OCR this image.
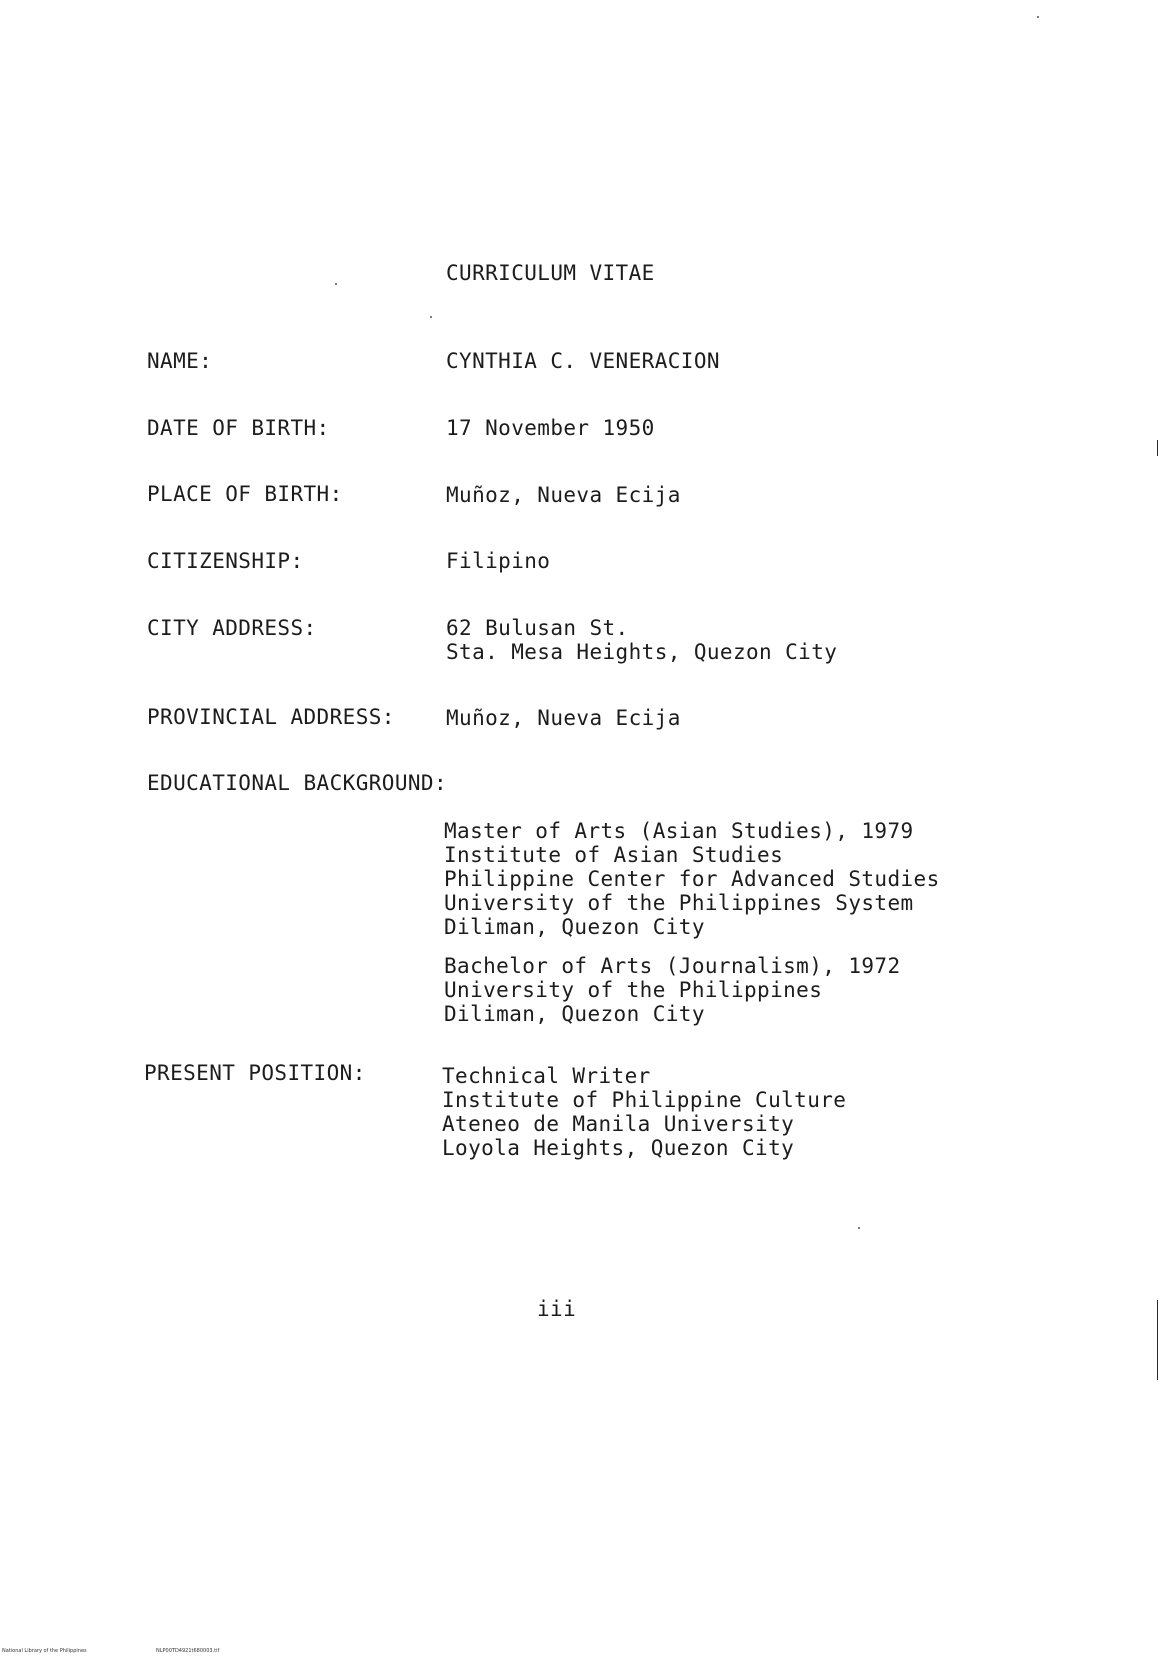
CURRICULUM VITAE
NAME:	CYNTHIA C. VENERACION
DATE OF BIRTH:	17 November 1950
PLACE OF BIRTH:	Muñoz, Nueva Ecija
CITIZENSHIP:	Filipino
CITY ADDRESS:	62 Bulusan St.
Sta. Mesa Heights, Quezon City
PROVINCIAL ADDRESS: Muñoz, Nueva Ecija
EDUCATIONAL BACKGROUND:
Master of Arts (Asian Studies), 1979
Institute of Asian Studies
Philippine Center for Advanced Studies
University of the Philippines System
Diliman, Quezon City
Bachelor of Arts (Journalism), 1972
University of the Philippines
Diliman, Quezon City
PRESENT POSITION:	Technical Writer
Institute of Philippine Culture
Ateneo de Manila University
Loyola Heights, Quezon City
iii
National Library of the Philippines	NLP00TD4921t680003.tif
